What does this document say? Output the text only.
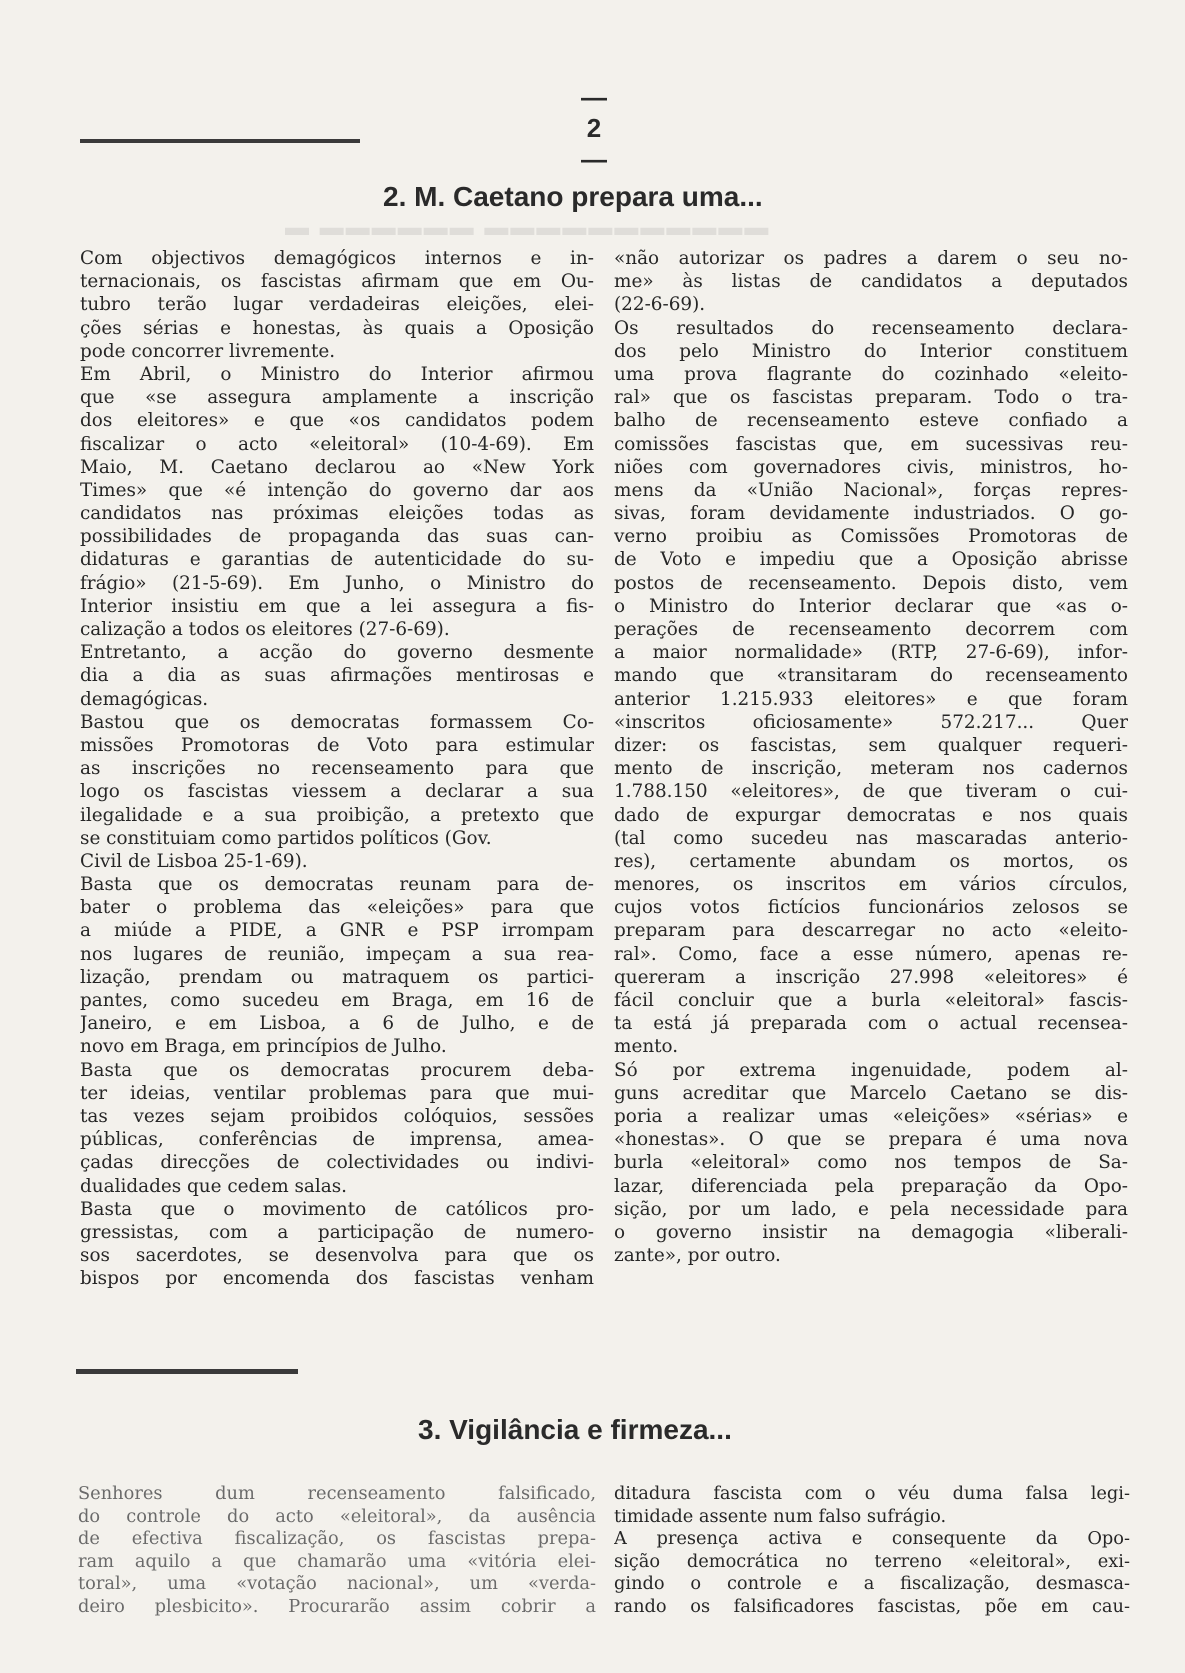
—2—
▬ ▬▬▬▬▬▬ ▬▬▬▬▬▬▬▬▬▬▬
2. M. Caetano prepara uma...
Com objectivos demagógicos internos e in-
ternacionais, os fascistas afirmam que em Ou-
tubro terão lugar verdadeiras eleições, elei-
ções sérias e honestas, às quais a Oposição
pode concorrer livremente.
Em Abril, o Ministro do Interior afirmou
que «se assegura amplamente a inscrição
dos eleitores» e que «os candidatos podem
fiscalizar o acto «eleitoral» (10-4-69). Em
Maio, M. Caetano declarou ao «New York
Times» que «é intenção do governo dar aos
candidatos nas próximas eleições todas as
possibilidades de propaganda das suas can-
didaturas e garantias de autenticidade do su-
frágio» (21-5-69). Em Junho, o Ministro do
Interior insistiu em que a lei assegura a fis-
calização a todos os eleitores (27-6-69).
Entretanto, a acção do governo desmente
dia a dia as suas afirmações mentirosas e
demagógicas.
Bastou que os democratas formassem Co-
missões Promotoras de Voto para estimular
as inscrições no recenseamento para que
logo os fascistas viessem a declarar a sua
ilegalidade e a sua proibição, a pretexto que
se constituiam como partidos políticos (Gov.
Civil de Lisboa 25-1-69).
Basta que os democratas reunam para de-
bater o problema das «eleições» para que
a miúde a PIDE, a GNR e PSP irrompam
nos lugares de reunião, impeçam a sua rea-
lização, prendam ou matraquem os partici-
pantes, como sucedeu em Braga, em 16 de
Janeiro, e em Lisboa, a 6 de Julho, e de
novo em Braga, em princípios de Julho.
Basta que os democratas procurem deba-
ter ideias, ventilar problemas para que mui-
tas vezes sejam proibidos colóquios, sessões
públicas, conferências de imprensa, amea-
çadas direcções de colectividades ou indivi-
dualidades que cedem salas.
Basta que o movimento de católicos pro-
gressistas, com a participação de numero-
sos sacerdotes, se desenvolva para que os
bispos por encomenda dos fascistas venham
«não autorizar os padres a darem o seu no-
me» às listas de candidatos a deputados
(22-6-69).
Os resultados do recenseamento declara-
dos pelo Ministro do Interior constituem
uma prova flagrante do cozinhado «eleito-
ral» que os fascistas preparam. Todo o tra-
balho de recenseamento esteve confiado a
comissões fascistas que, em sucessivas reu-
niões com governadores civis, ministros, ho-
mens da «União Nacional», forças repres-
sivas, foram devidamente industriados. O go-
verno proibiu as Comissões Promotoras de
de Voto e impediu que a Oposição abrisse
postos de recenseamento. Depois disto, vem
o Ministro do Interior declarar que «as o-
perações de recenseamento decorrem com
a maior normalidade» (RTP, 27-6-69), infor-
mando que «transitaram do recenseamento
anterior 1.215.933 eleitores» e que foram
«inscritos oficiosamente» 572.217... Quer
dizer: os fascistas, sem qualquer requeri-
mento de inscrição, meteram nos cadernos
1.788.150 «eleitores», de que tiveram o cui-
dado de expurgar democratas e nos quais
(tal como sucedeu nas mascaradas anterio-
res), certamente abundam os mortos, os
menores, os inscritos em vários círculos,
cujos votos fictícios funcionários zelosos se
preparam para descarregar no acto «eleito-
ral». Como, face a esse número, apenas re-
quereram a inscrição 27.998 «eleitores» é
fácil concluir que a burla «eleitoral» fascis-
ta está já preparada com o actual recensea-
mento.
Só por extrema ingenuidade, podem al-
guns acreditar que Marcelo Caetano se dis-
poria a realizar umas «eleições» «sérias» e
«honestas». O que se prepara é uma nova
burla «eleitoral» como nos tempos de Sa-
lazar, diferenciada pela preparação da Opo-
sição, por um lado, e pela necessidade para
o governo insistir na demagogia «liberali-
zante», por outro.
3. Vigilância e firmeza...
Senhores dum recenseamento falsificado,
do controle do acto «eleitoral», da ausência
de efectiva fiscalização, os fascistas prepa-
ram aquilo a que chamarão uma «vitória elei-
toral», uma «votação nacional», um «verda-
deiro plesbicito». Procurarão assim cobrir a
ditadura fascista com o véu duma falsa legi-
timidade assente num falso sufrágio.
A presença activa e consequente da Opo-
sição democrática no terreno «eleitoral», exi-
gindo o controle e a fiscalização, desmasca-
rando os falsificadores fascistas, põe em cau-
